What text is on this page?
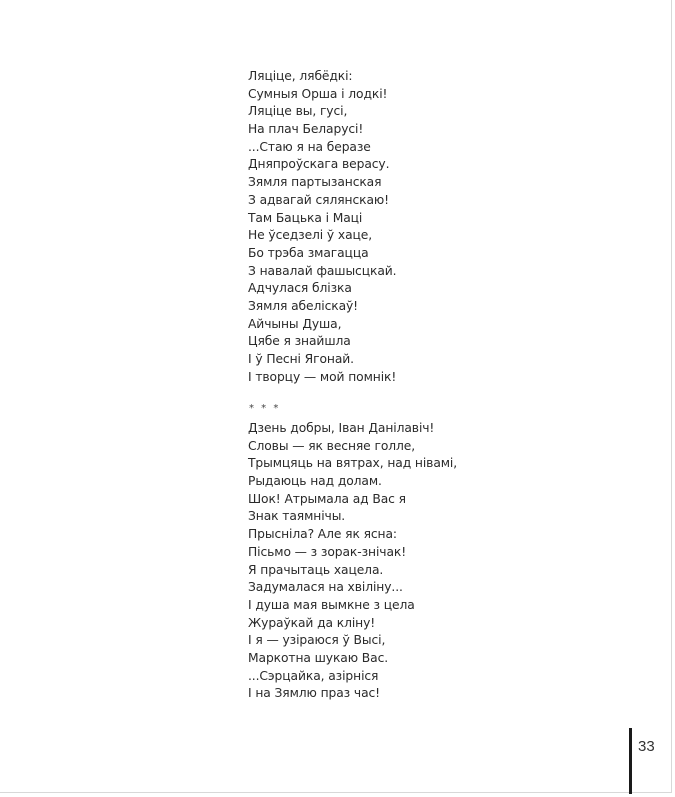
Ляціце, лябёдкі:
Сумныя Орша і лодкі!
Ляціце вы, гусі,
На плач Беларусі!
...Стаю я на беразе
Дняпроўскага верасу.
Зямля партызанская
З адвагай сялянскаю!
Там Бацька і Маці
Не ўседзелі ў хаце,
Бо трэба змагацца
З навалай фашысцкай.
Адчулася блізка
Зямля абеліскаў!
Айчыны Душа,
Цябе я знайшла
І ў Песні Ягонай.
І творцу — мой помнік!
* * *
Дзень добры, Іван Данілавіч!
Словы — як весняе голле,
Трымцяць на вятрах, над нівамі,
Рыдаюць над долам.
Шок! Атрымала ад Вас я
Знак таямнічы.
Прысніла? Але як ясна:
Пісьмо — з зорак-знічак!
Я прачытаць хацела.
Задумалася на хвіліну...
І душа мая вымкне з цела
Жураўкай да кліну!
І я — узіраюся ў Высі,
Маркотна шукаю Вас.
...Сэрцайка, азірніся
І на Зямлю праз час!
33
